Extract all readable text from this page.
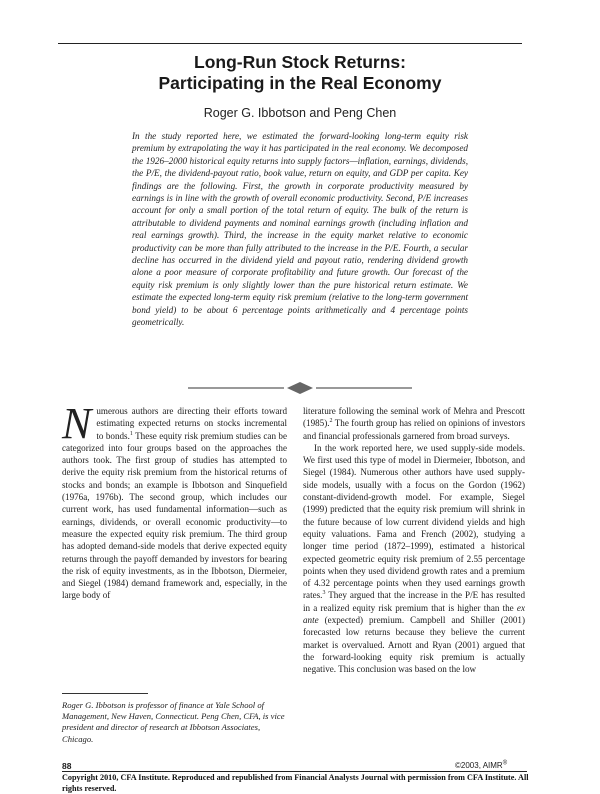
Long-Run Stock Returns:
Participating in the Real Economy
Roger G. Ibbotson and Peng Chen
In the study reported here, we estimated the forward-looking long-term equity risk premium by extrapolating the way it has participated in the real economy. We decomposed the 1926–2000 historical equity returns into supply factors—inflation, earnings, dividends, the P/E, the dividend-payout ratio, book value, return on equity, and GDP per capita. Key findings are the following. First, the growth in corporate productivity measured by earnings is in line with the growth of overall economic productivity. Second, P/E increases account for only a small portion of the total return of equity. The bulk of the return is attributable to dividend payments and nominal earnings growth (including inflation and real earnings growth). Third, the increase in the equity market relative to economic productivity can be more than fully attributed to the increase in the P/E. Fourth, a secular decline has occurred in the dividend yield and payout ratio, rendering dividend growth alone a poor measure of corporate profitability and future growth. Our forecast of the equity risk premium is only slightly lower than the pure historical return estimate. We estimate the expected long-term equity risk premium (relative to the long-term government bond yield) to be about 6 percentage points arithmetically and 4 percentage points geometrically.

Numerous authors are directing their efforts toward estimating expected returns on stocks incremental to bonds.$^1$ These equity risk premium studies can be categorized into four groups based on the approaches the authors took. The first group of studies has attempted to derive the equity risk premium from the historical returns of stocks and bonds; an example is Ibbotson and Sinquefield (1976a, 1976b). The second group, which includes our current work, has used fundamental information—such as earnings, dividends, or overall economic productivity—to measure the expected equity risk premium. The third group has adopted demand-side models that derive expected equity returns through the payoff demanded by investors for bearing the risk of equity investments, as in the Ibbotson, Diermeier, and Siegel (1984) demand framework and, especially, in the large body of

literature following the seminal work of Mehra and Prescott (1985).$^2$ The fourth group has relied on opinions of investors and financial professionals garnered from broad surveys.

In the work reported here, we used supply-side models. We first used this type of model in Diermeier, Ibbotson, and Siegel (1984). Numerous other authors have used supply-side models, usually with a focus on the Gordon (1962) constant-dividend-growth model. For example, Siegel (1999) predicted that the equity risk premium will shrink in the future because of low current dividend yields and high equity valuations. Fama and French (2002), studying a longer time period (1872–1999), estimated a historical expected geometric equity risk premium of 2.55 percentage points when they used dividend growth rates and a premium of 4.32 percentage points when they used earnings growth rates.$^3$ They argued that the increase in the P/E has resulted in a realized equity risk premium that is higher than the ex ante (expected) premium. Campbell and Shiller (2001) forecasted low returns because they believe the current market is overvalued. Arnott and Ryan (2001) argued that the forward-looking equity risk premium is actually negative. This conclusion was based on the low

Roger G. Ibbotson is professor of finance at Yale School of Management, New Haven, Connecticut. Peng Chen, CFA, is vice president and director of research at Ibbotson Associates, Chicago.
88	©2003, AIMR®
Copyright 2010, CFA Institute. Reproduced and republished from Financial Analysts Journal with permission from CFA Institute. All rights reserved.
